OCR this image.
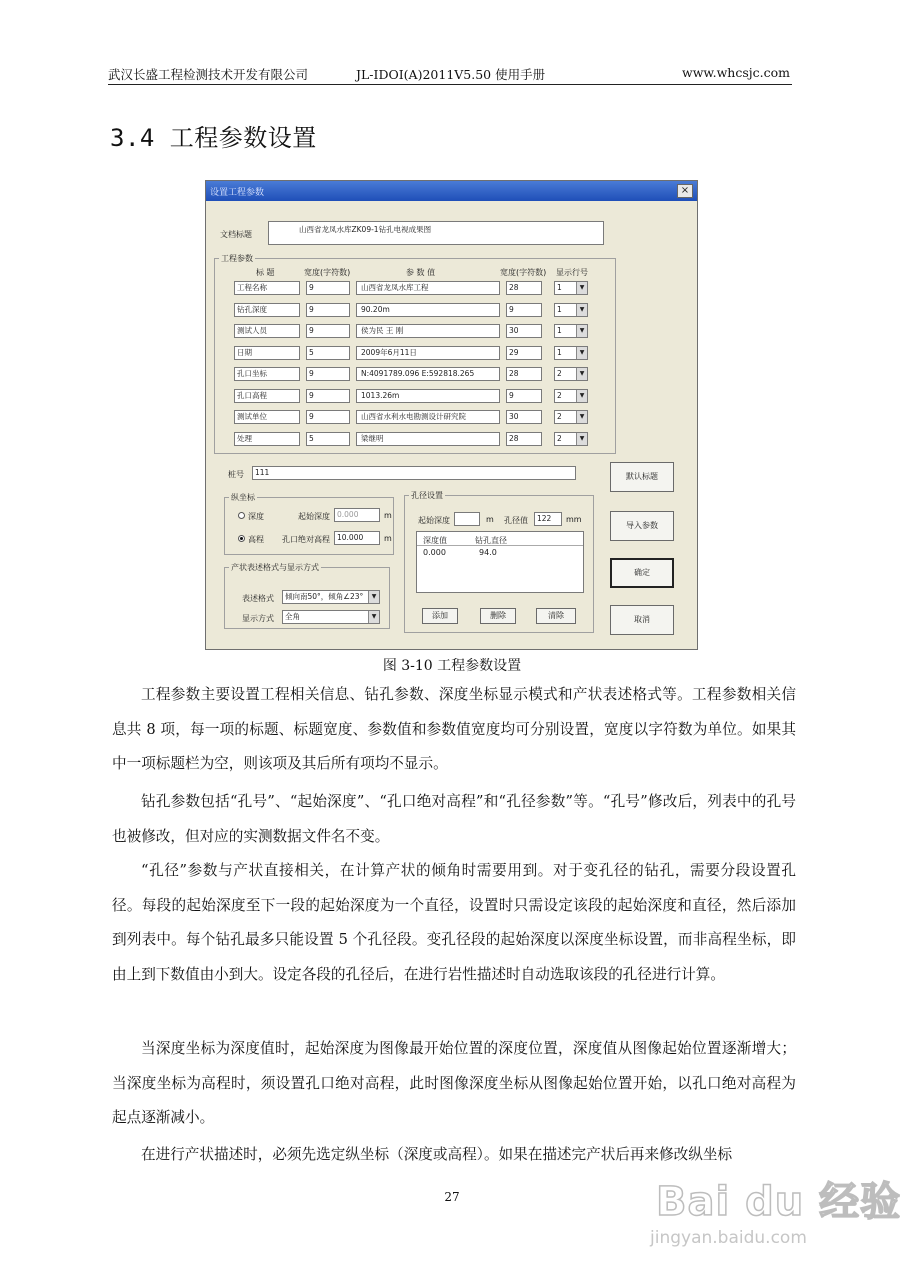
武汉长盛工程检测技术开发有限公司	JL-IDOI(A)2011V5.50 使用手册	www.whcsjc.com
3.4 工程参数设置
设置工程参数	×
文档标题
山西省龙凤水库ZK09-1钻孔电视成果图
工程参数
标 题	宽度(字符数)	参 数 值	宽度(字符数) 显示行号
工程名称	9	山西省龙凤水库工程	28	1	▼
钻孔深度	9	90.20m	9	1	▼
测试人员	9	侯为民 王 刚	30	1	▼
日期	5	2009年6月11日	29	1	▼
孔口坐标	9	N:4091789.096 E:592818.265	28	2	▼
孔口高程	9	1013.26m	9	2	▼
测试单位	9	山西省水利水电勘测设计研究院	30	2	▼
处理	5	梁继明	28	2	▼
桩号	111
纵坐标
深度	起始深度 0.000	m
高程 孔口绝对高程 10.000	m
产状表述格式与显示方式
表述格式	倾向南50°，倾角∠23°	▼
显示方式	全角	▼
孔径设置
起始深度	m 孔径值	122	mm
深度值	钻孔直径
0.000	94.0
添加	删除	清除
默认标题
导入参数
确定
取消
图 3-10 工程参数设置
工程参数主要设置工程相关信息、钻孔参数、深度坐标显示模式和产状表述格式等。工程参数相关信息共 8 项，每一项的标题、标题宽度、参数值和参数值宽度均可分别设置，宽度以字符数为单位。如果其中一项标题栏为空，则该项及其后所有项均不显示。
钻孔参数包括“孔号”、“起始深度”、“孔口绝对高程”和“孔径参数”等。“孔号”修改后，列表中的孔号也被修改，但对应的实测数据文件名不变。
“孔径”参数与产状直接相关，在计算产状的倾角时需要用到。对于变孔径的钻孔，需要分段设置孔径。每段的起始深度至下一段的起始深度为一个直径，设置时只需设定该段的起始深度和直径，然后添加到列表中。每个钻孔最多只能设置 5 个孔径段。变孔径段的起始深度以深度坐标设置，而非高程坐标，即由上到下数值由小到大。设定各段的孔径后，在进行岩性描述时自动选取该段的孔径进行计算。
当深度坐标为深度值时，起始深度为图像最开始位置的深度位置，深度值从图像起始位置逐渐增大；当深度坐标为高程时，须设置孔口绝对高程，此时图像深度坐标从图像起始位置开始，以孔口绝对高程为起点逐渐减小。
在进行产状描述时，必须先选定纵坐标（深度或高程）。如果在描述完产状后再来修改纵坐标
27	Bai du 经验
jingyan.baidu.com
